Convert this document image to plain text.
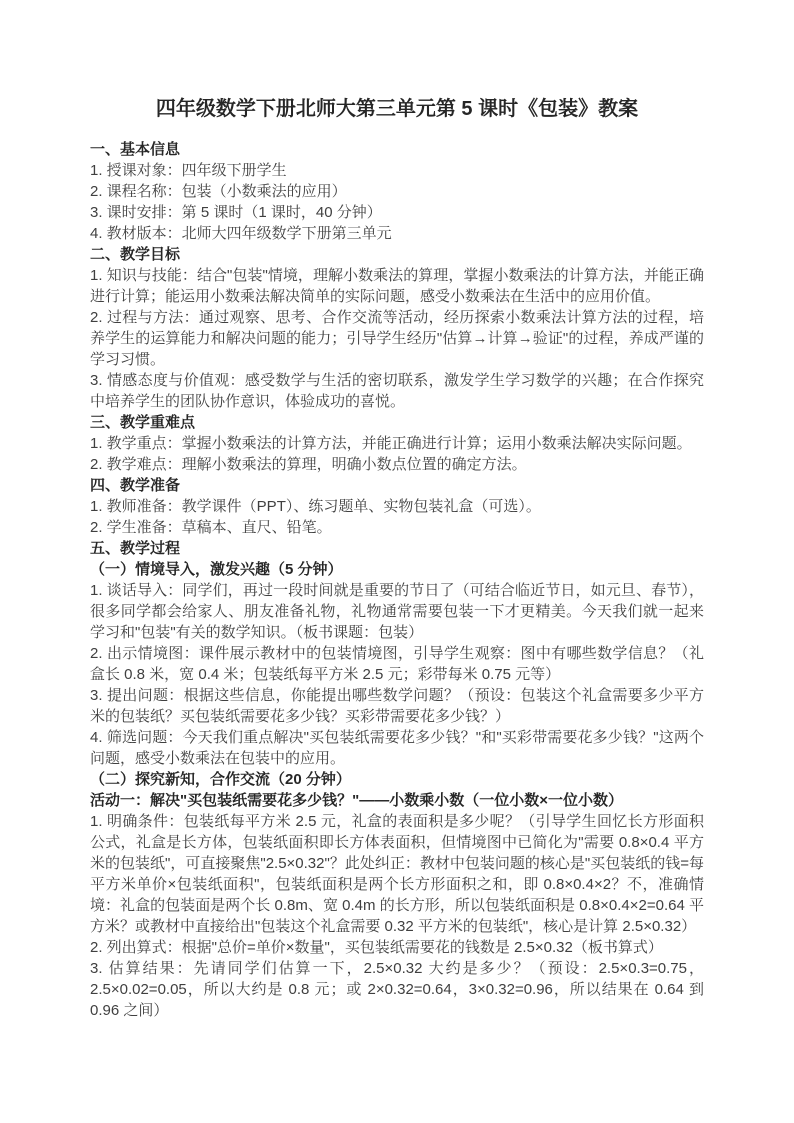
四年级数学下册北师大第三单元第 5 课时《包装》教案

一、基本信息

1. 授课对象：四年级下册学生

2. 课程名称：包装（小数乘法的应用）

3. 课时安排：第 5 课时（1 课时，40 分钟）

4. 教材版本：北师大四年级数学下册第三单元

二、教学目标

1. 知识与技能：结合"包装"情境，理解小数乘法的算理，掌握小数乘法的计算方法，并能正确进行计算；能运用小数乘法解决简单的实际问题，感受小数乘法在生活中的应用价值。

2. 过程与方法：通过观察、思考、合作交流等活动，经历探索小数乘法计算方法的过程，培养学生的运算能力和解决问题的能力；引导学生经历"估算→计算→验证"的过程，养成严谨的学习习惯。

3. 情感态度与价值观：感受数学与生活的密切联系，激发学生学习数学的兴趣；在合作探究中培养学生的团队协作意识，体验成功的喜悦。

三、教学重难点

1. 教学重点：掌握小数乘法的计算方法，并能正确进行计算；运用小数乘法解决实际问题。

2. 教学难点：理解小数乘法的算理，明确小数点位置的确定方法。

四、教学准备

1. 教师准备：教学课件（PPT）、练习题单、实物包装礼盒（可选）。

2. 学生准备：草稿本、直尺、铅笔。

五、教学过程

（一）情境导入，激发兴趣（5 分钟）

1. 谈话导入：同学们，再过一段时间就是重要的节日了（可结合临近节日，如元旦、春节），很多同学都会给家人、朋友准备礼物，礼物通常需要包装一下才更精美。今天我们就一起来学习和"包装"有关的数学知识。（板书课题：包装）

2. 出示情境图：课件展示教材中的包装情境图，引导学生观察：图中有哪些数学信息？（礼盒长 0.8 米，宽 0.4 米；包装纸每平方米 2.5 元；彩带每米 0.75 元等）

3. 提出问题：根据这些信息，你能提出哪些数学问题？（预设：包装这个礼盒需要多少平方米的包装纸？买包装纸需要花多少钱？买彩带需要花多少钱？）

4. 筛选问题：今天我们重点解决"买包装纸需要花多少钱？"和"买彩带需要花多少钱？"这两个问题，感受小数乘法在包装中的应用。

（二）探究新知，合作交流（20 分钟）

活动一：解决"买包装纸需要花多少钱？"——小数乘小数（一位小数×一位小数）

1. 明确条件：包装纸每平方米 2.5 元，礼盒的表面积是多少呢？（引导学生回忆长方形面积公式，礼盒是长方体，包装纸面积即长方体表面积，但情境图中已简化为"需要 0.8×0.4 平方米的包装纸"，可直接聚焦"2.5×0.32"？此处纠正：教材中包装问题的核心是"买包装纸的钱=每平方米单价×包装纸面积"，包装纸面积是两个长方形面积之和，即 0.8×0.4×2？不，准确情境：礼盒的包装面是两个长 0.8m、宽 0.4m 的长方形，所以包装纸面积是 0.8×0.4×2=0.64 平方米？或教材中直接给出"包装这个礼盒需要 0.32 平方米的包装纸"，核心是计算 2.5×0.32）

2. 列出算式：根据"总价=单价×数量"，买包装纸需要花的钱数是 2.5×0.32（板书算式）

3. 估算结果：先请同学们估算一下，2.5×0.32 大约是多少？（预设：2.5×0.3=0.75，2.5×0.02=0.05，所以大约是 0.8 元；或 2×0.32=0.64，3×0.32=0.96，所以结果在 0.64 到 0.96 之间）
